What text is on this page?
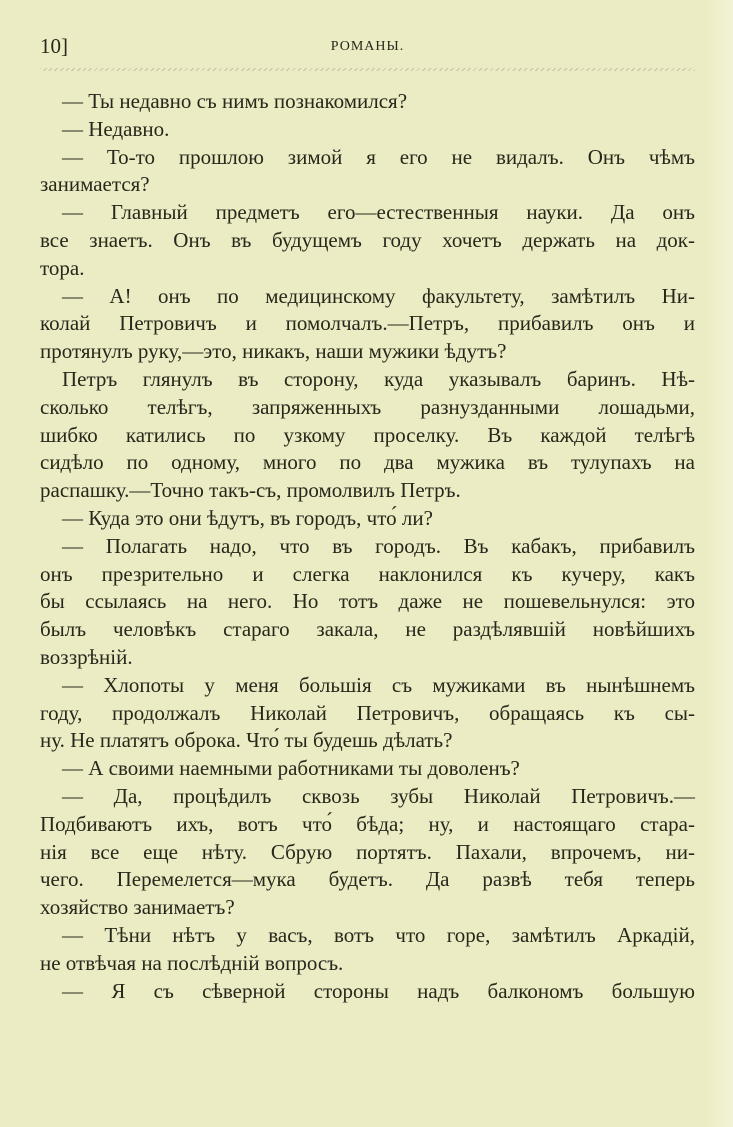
10]	РОМАНЫ.
— Ты недавно съ нимъ познакомился?
— Недавно.
— То-то прошлою зимой я его не видалъ. Онъ чѣмъ
занимается?
— Главный предметъ его—естественныя науки. Да онъ
все знаетъ. Онъ въ будущемъ году хочетъ держать на док-
тора.
— А! онъ по медицинскому факультету, замѣтилъ Ни-
колай Петровичъ и помолчалъ.—Петръ, прибавилъ онъ и
протянулъ руку,—это, никакъ, наши мужики ѣдутъ?
Петръ глянулъ въ сторону, куда указывалъ баринъ. Нѣ-
сколько телѣгъ, запряженныхъ разнузданными лошадьми,
шибко катились по узкому проселку. Въ каждой телѣгѣ
сидѣло по одному, много по два мужика въ тулупахъ на
распашку.—Точно такъ-съ, промолвилъ Петръ.
— Куда это они ѣдутъ, въ городъ, что́ ли?
— Полагать надо, что въ городъ. Въ кабакъ, прибавилъ
онъ презрительно и слегка наклонился къ кучеру, какъ
бы ссылаясь на него. Но тотъ даже не пошевельнулся: это
былъ человѣкъ стараго закала, не раздѣлявшій новѣйшихъ
воззрѣній.
— Хлопоты у меня большія съ мужиками въ нынѣшнемъ
году, продолжалъ Николай Петровичъ, обращаясь къ сы-
ну. Не платятъ оброка. Что́ ты будешь дѣлать?
— А своими наемными работниками ты доволенъ?
— Да, процѣдилъ сквозь зубы Николай Петровичъ.—
Подбиваютъ ихъ, вотъ что́ бѣда; ну, и настоящаго стара-
нія все еще нѣту. Сбрую портятъ. Пахали, впрочемъ, ни-
чего. Перемелется—мука будетъ. Да развѣ тебя теперь
хозяйство занимаетъ?
— Тѣни нѣтъ у васъ, вотъ что горе, замѣтилъ Аркадій,
не отвѣчая на послѣдній вопросъ.
— Я съ сѣверной стороны надъ балкономъ большую
